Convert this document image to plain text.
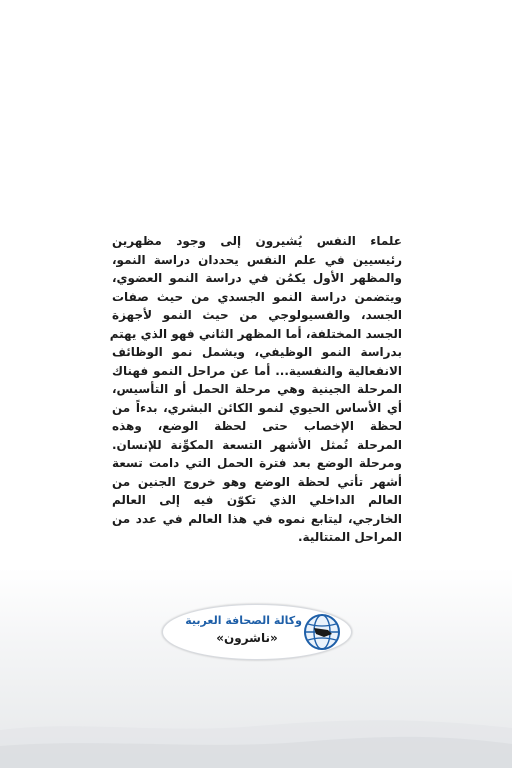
علماء النفس يُشيرون إلى وجود مظهرين
رئيسيين في علم النفس يحددان دراسة النمو،
والمظهر الأول يكمُن في دراسة النمو العضوي،
ويتضمن دراسة النمو الجسدي من حيث صفات
الجسد، والفسيولوجي من حيث النمو لأجهزة
الجسد المختلفة، أما المظهر الثاني فهو الذي يهتم
بدراسة النمو الوظيفي، ويشمل نمو الوظائف
الانفعالية والنفسية... أما عن مراحل النمو فهناك
المرحلة الجينية وهي مرحلة الحمل أو التأسيس،
أي الأساس الحيوي لنمو الكائن البشري، بدءاً من
لحظة الإخصاب حتى لحظة الوضع، وهذه
المرحلة تُمثل الأشهر التسعة المكوِّنة للإنسان.
ومرحلة الوضع بعد فترة الحمل التي دامت تسعة
أشهر تأتي لحظة الوضع وهو خروج الجنين من
العالم الداخلي الذي تكوّن فيه إلى العالم
الخارجي، ليتابع نموه في هذا العالم في عدد من
المراحل المتتالية.
وكالة الصحافة العربية
«ناشرون»
